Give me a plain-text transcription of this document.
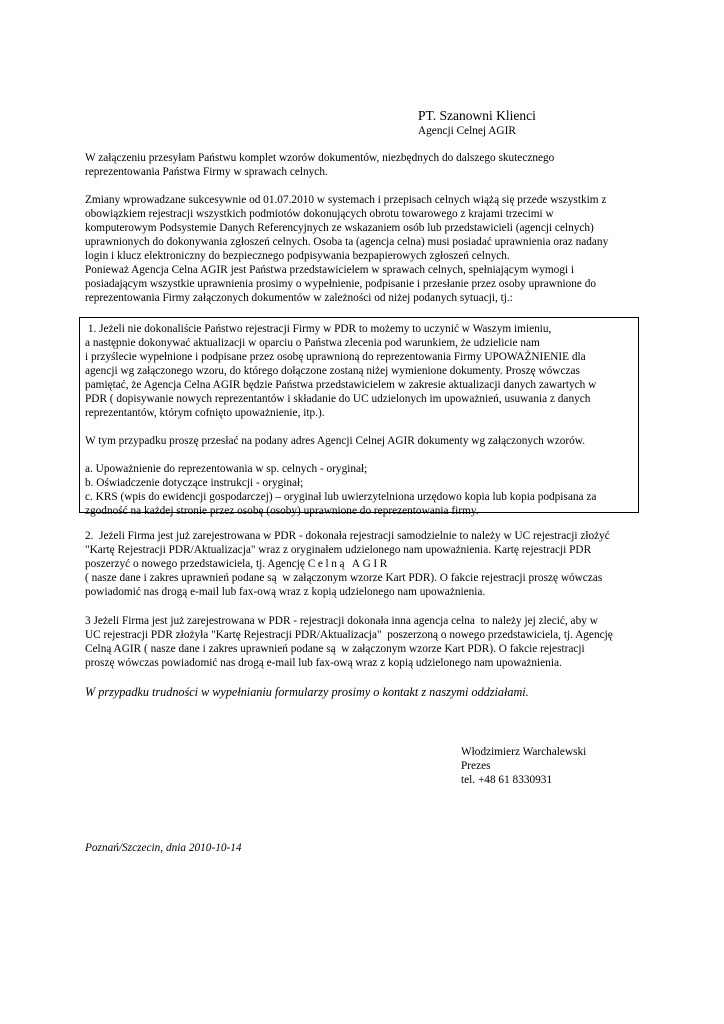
PT. Szanowni Klienci
Agencji Celnej AGIR
W załączeniu przesyłam Państwu komplet wzorów dokumentów, niezbędnych do dalszego skutecznego
reprezentowania Państwa Firmy w sprawach celnych.
Zmiany wprowadzane sukcesywnie od 01.07.2010 w systemach i przepisach celnych wiążą się przede wszystkim z
obowiązkiem rejestracji wszystkich podmiotów dokonujących obrotu towarowego z krajami trzecimi w
komputerowym Podsystemie Danych Referencyjnych ze wskazaniem osób lub przedstawicieli (agencji celnych)
uprawnionych do dokonywania zgłoszeń celnych. Osoba ta (agencja celna) musi posiadać uprawnienia oraz nadany
login i klucz elektroniczny do bezpiecznego podpisywania bezpapierowych zgłoszeń celnych.
Ponieważ Agencja Celna AGIR jest Państwa przedstawicielem w sprawach celnych, spełniającym wymogi i
posiadającym wszystkie uprawnienia prosimy o wypełnienie, podpisanie i przesłanie przez osoby uprawnione do
reprezentowania Firmy załączonych dokumentów w zależności od niżej podanych sytuacji, tj.:
1. Jeżeli nie dokonaliście Państwo rejestracji Firmy w PDR to możemy to uczynić w Waszym imieniu,
a następnie dokonywać aktualizacji w oparciu o Państwa zlecenia pod warunkiem, że udzielicie nam
i przyślecie wypełnione i podpisane przez osobę uprawnioną do reprezentowania Firmy UPOWAŻNIENIE dla
agencji wg załączonego wzoru, do którego dołączone zostaną niżej wymienione dokumenty. Proszę wówczas
pamiętać, że Agencja Celna AGIR będzie Państwa przedstawicielem w zakresie aktualizacji danych zawartych w
PDR ( dopisywanie nowych reprezentantów i składanie do UC udzielonych im upoważnień, usuwania z danych
reprezentantów, którym cofnięto upoważnienie, itp.).
W tym przypadku proszę przesłać na podany adres Agencji Celnej AGIR dokumenty wg załączonych wzorów.
a. Upoważnienie do reprezentowania w sp. celnych - oryginał;
b. Oświadczenie dotyczące instrukcji - oryginał;
c. KRS (wpis do ewidencji gospodarczej) – oryginał lub uwierzytelniona urzędowo kopia lub kopia podpisana za
zgodność na każdej stronie przez osobę (osoby) uprawnione do reprezentowania firmy.
2.  Jeżeli Firma jest już zarejestrowana w PDR - dokonała rejestracji samodzielnie to należy w UC rejestracji złożyć
"Kartę Rejestracji PDR/Aktualizacja" wraz z oryginałem udzielonego nam upoważnienia. Kartę rejestracji PDR
poszerzyć o nowego przedstawiciela, tj. Agencję Celną AGIR
( nasze dane i zakres uprawnień podane są  w załączonym wzorze Kart PDR). O fakcie rejestracji proszę wówczas
powiadomić nas drogą e-mail lub fax-ową wraz z kopią udzielonego nam upoważnienia.
3 Jeżeli Firma jest już zarejestrowana w PDR - rejestracji dokonała inna agencja celna  to należy jej zlecić, aby w
UC rejestracji PDR złożyła "Kartę Rejestracji PDR/Aktualizacja"  poszerzoną o nowego przedstawiciela, tj. Agencję
Celną AGIR ( nasze dane i zakres uprawnień podane są  w załączonym wzorze Kart PDR). O fakcie rejestracji
proszę wówczas powiadomić nas drogą e-mail lub fax-ową wraz z kopią udzielonego nam upoważnienia.
W przypadku trudności w wypełnianiu formularzy prosimy o kontakt z naszymi oddziałami.
Włodzimierz Warchalewski
Prezes
tel. +48 61 8330931
Poznań/Szczecin, dnia 2010-10-14
